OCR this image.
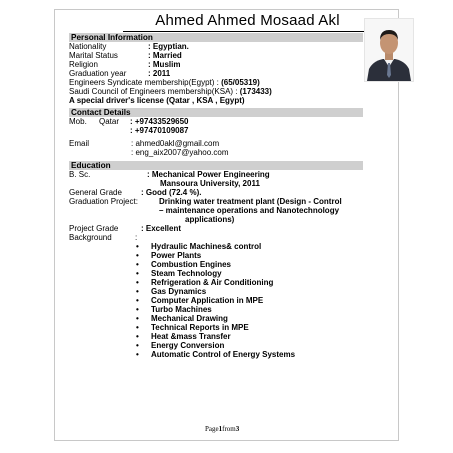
Ahmed Ahmed Mosaad Akl
Personal Information
Nationality	: Egyptian.
Marital Status	: Married
Religion	: Muslim
Graduation year	: 2011
Engineers Syndicate membership(Egypt) : (65/05319)
Saudi Council of Engineers membership(KSA) : (173433)
A special driver's license (Qatar , KSA , Egypt)
Contact Details
Mob. Qatar : +97433529650
: +97470109087
Email	: ahmed0akl@gmail.com
: eng_aix2007@yahoo.com
Education
B. Sc.	: Mechanical Power Engineering
Mansoura University, 2011
General Grade : Good (72.4 %).
Graduation Project:	Drinking water treatment plant (Design - Control
– maintenance operations and Nanotechnology
applications)
Project Grade	: Excellent
Background	:
• Hydraulic Machines& control
• Power Plants
• Combustion Engines
• Steam Technology
• Refrigeration & Air Conditioning
• Gas Dynamics
• Computer Application in MPE
• Turbo Machines
• Mechanical Drawing
• Technical Reports in MPE
• Heat &mass Transfer
• Energy Conversion
• Automatic Control of Energy Systems
Page1from3
